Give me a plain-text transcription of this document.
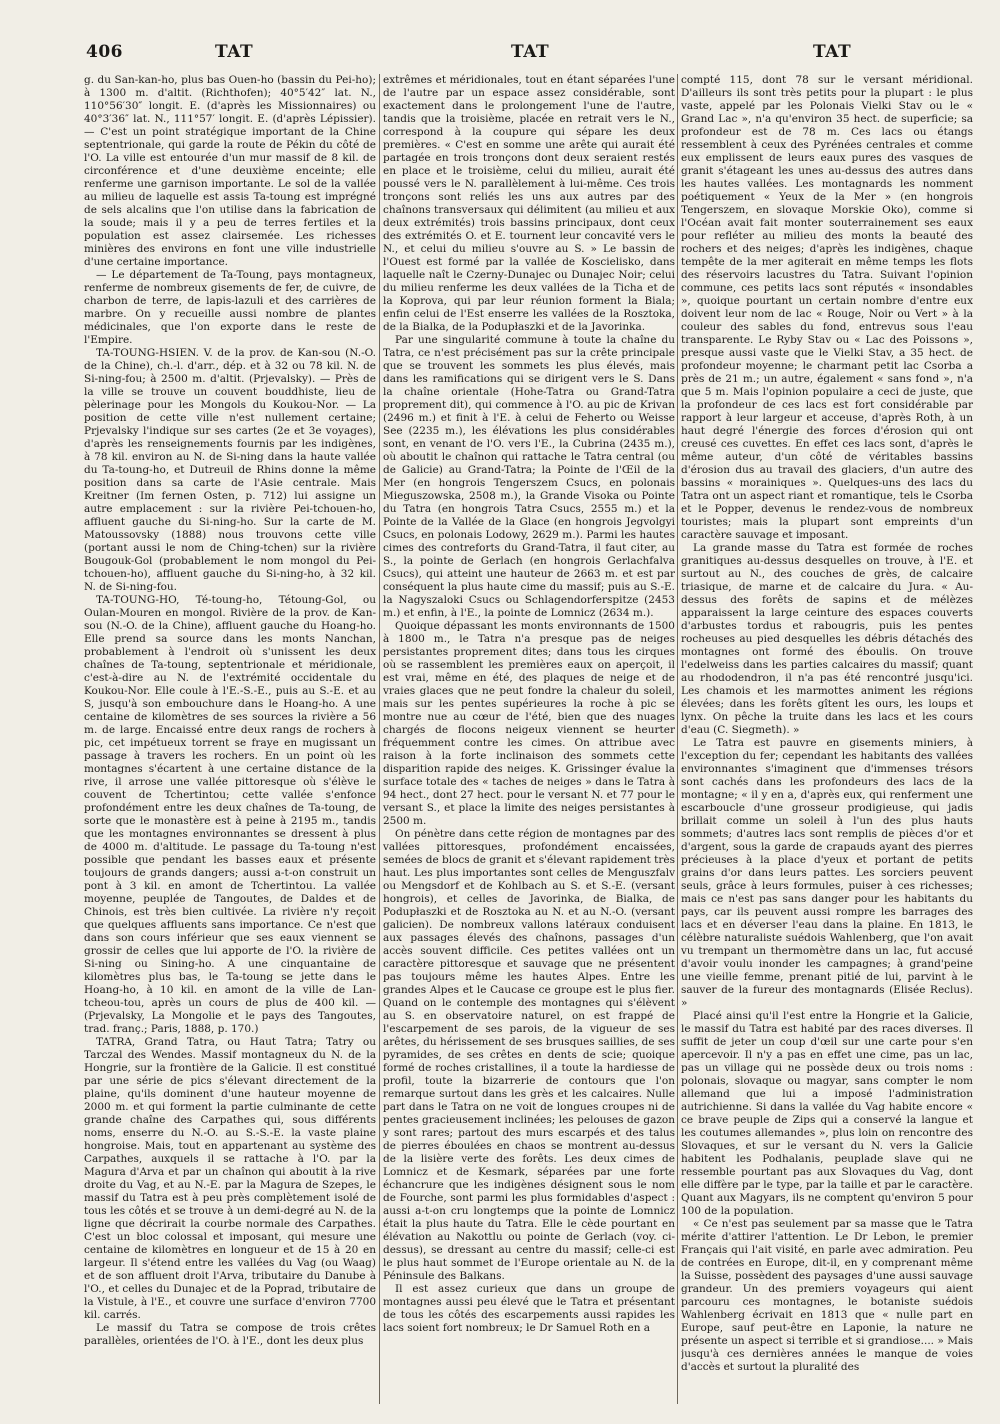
406	TAT	TAT	TAT

g. du San-kan-ho, plus bas Ouen-ho (bassin du Pei-ho); à 1300 m. d'altit. (Richthofen); 40°5′42″ lat. N., 110°56′30″ longit. E. (d'après les Missionnaires) ou 40°3′36″ lat. N., 111°57′ longit. E. (d'après Lépissier). — C'est un point stratégique important de la Chine septentrionale, qui garde la route de Pékin du côté de l'O. La ville est entourée d'un mur massif de 8 kil. de circonférence et d'une deuxième enceinte; elle renferme une garnison importante. Le sol de la vallée au milieu de laquelle est assis Ta-toung est imprégné de sels alcalins que l'on utilise dans la fabrication de la soude; mais il y a peu de terres fertiles et la population est assez clairsemée. Les richesses minières des environs en font une ville industrielle d'une certaine importance.

— Le département de Ta-Toung, pays montagneux, renferme de nombreux gisements de fer, de cuivre, de charbon de terre, de lapis-lazuli et des carrières de marbre. On y recueille aussi nombre de plantes médicinales, que l'on exporte dans le reste de l'Empire.

TA-TOUNG-HSIEN. V. de la prov. de Kan-sou (N.-O. de la Chine), ch.-l. d'arr., dép. et à 32 ou 78 kil. N. de Si-ning-fou; à 2500 m. d'altit. (Prjevalsky). — Près de la ville se trouve un couvent bouddhiste, lieu de pèlerinage pour les Mongols du Koukou-Nor. — La position de cette ville n'est nullement certaine; Prjevalsky l'indique sur ses cartes (2e et 3e voyages), d'après les renseignements fournis par les indigènes, à 78 kil. environ au N. de Si-ning dans la haute vallée du Ta-toung-ho, et Dutreuil de Rhins donne la même position dans sa carte de l'Asie centrale. Mais Kreitner (Im fernen Osten, p. 712) lui assigne un autre emplacement : sur la rivière Pei-tchouen-ho, affluent gauche du Si-ning-ho. Sur la carte de M. Matoussovsky (1888) nous trouvons cette ville (portant aussi le nom de Ching-tchen) sur la rivière Bougouk-Gol (probablement le nom mongol du Pei-tchouen-ho), affluent gauche du Si-ning-ho, à 32 kil. N. de Si-ning-fou.

TA-TOUNG-HO, Té-toung-ho, Tétoung-Gol, ou Oulan-Mouren en mongol. Rivière de la prov. de Kan-sou (N.-O. de la Chine), affluent gauche du Hoang-ho. Elle prend sa source dans les monts Nanchan, probablement à l'endroit où s'unissent les deux chaînes de Ta-toung, septentrionale et méridionale, c'est-à-dire au N. de l'extrémité occidentale du Koukou-Nor. Elle coule à l'E.-S.-E., puis au S.-E. et au S, jusqu'à son embouchure dans le Hoang-ho. A une centaine de kilomètres de ses sources la rivière a 56 m. de large. Encaissé entre deux rangs de rochers à pic, cet impétueux torrent se fraye en mugissant un passage à travers les rochers. En un point où les montagnes s'écartent à une certaine distance de la rive, il arrose une vallée pittoresque où s'élève le couvent de Tchertintou; cette vallée s'enfonce profondément entre les deux chaînes de Ta-toung, de sorte que le monastère est à peine à 2195 m., tandis que les montagnes environnantes se dressent à plus de 4000 m. d'altitude. Le passage du Ta-toung n'est possible que pendant les basses eaux et présente toujours de grands dangers; aussi a-t-on construit un pont à 3 kil. en amont de Tchertintou. La vallée moyenne, peuplée de Tangoutes, de Daldes et de Chinois, est très bien cultivée. La rivière n'y reçoit que quelques affluents sans importance. Ce n'est que dans son cours inférieur que ses eaux viennent se grossir de celles que lui apporte de l'O. la rivière de Si-ning ou Sining-ho. A une cinquantaine de kilomètres plus bas, le Ta-toung se jette dans le Hoang-ho, à 10 kil. en amont de la ville de Lan-tcheou-tou, après un cours de plus de 400 kil. — (Prjevalsky, La Mongolie et le pays des Tangoutes, trad. franç.; Paris, 1888, p. 170.)

TATRA, Grand Tatra, ou Haut Tatra; Tatry ou Tarczal des Wendes. Massif montagneux du N. de la Hongrie, sur la frontière de la Galicie. Il est constitué par une série de pics s'élevant directement de la plaine, qu'ils dominent d'une hauteur moyenne de 2000 m. et qui forment la partie culminante de cette grande chaîne des Carpathes qui, sous différents noms, enserre du N.-O. au S.-S.-E. la vaste plaine hongroise. Mais, tout en appartenant au système des Carpathes, auxquels il se rattache à l'O. par la Magura d'Arva et par un chaînon qui aboutit à la rive droite du Vag, et au N.-E. par la Magura de Szepes, le massif du Tatra est à peu près complètement isolé de tous les côtés et se trouve à un demi-degré au N. de la ligne que décrirait la courbe normale des Carpathes. C'est un bloc colossal et imposant, qui mesure une centaine de kilomètres en longueur et de 15 à 20 en largeur. Il s'étend entre les vallées du Vag (ou Waag) et de son affluent droit l'Arva, tributaire du Danube à l'O., et celles du Dunajec et de la Poprad, tributaire de la Vistule, à l'E., et couvre une surface d'environ 7700 kil. carrés.

Le massif du Tatra se compose de trois crêtes parallèles, orientées de l'O. à l'E., dont les deux plus

extrêmes et méridionales, tout en étant séparées l'une de l'autre par un espace assez considérable, sont exactement dans le prolongement l'une de l'autre, tandis que la troisième, placée en retrait vers le N., correspond à la coupure qui sépare les deux premières. « C'est en somme une arête qui aurait été partagée en trois tronçons dont deux seraient restés en place et le troisième, celui du milieu, aurait été poussé vers le N. parallèlement à lui-même. Ces trois tronçons sont reliés les uns aux autres par des chaînons transversaux qui délimitent (au milieu et aux deux extrémités) trois bassins principaux, dont ceux des extrémités O. et E. tournent leur concavité vers le N., et celui du milieu s'ouvre au S. » Le bassin de l'Ouest est formé par la vallée de Koscielisko, dans laquelle naît le Czerny-Dunajec ou Dunajec Noir; celui du milieu renferme les deux vallées de la Ticha et de la Koprova, qui par leur réunion forment la Biala; enfin celui de l'Est enserre les vallées de la Rosztoka, de la Bialka, de la Podupłaszki et de la Javorinka.

Par une singularité commune à toute la chaîne du Tatra, ce n'est précisément pas sur la crête principale que se trouvent les sommets les plus élevés, mais dans les ramifications qui se dirigent vers le S. Dans la chaîne orientale (Hohe-Tatra ou Grand-Tatra proprement dit), qui commence à l'O. au pic de Krivan (2496 m.) et finit à l'E. à celui de Feherto ou Weisse See (2235 m.), les élévations les plus considérables sont, en venant de l'O. vers l'E., la Cubrina (2435 m.), où aboutit le chaînon qui rattache le Tatra central (ou de Galicie) au Grand-Tatra; la Pointe de l'Œil de la Mer (en hongrois Tengerszem Csucs, en polonais Mieguszowska, 2508 m.), la Grande Visoka ou Pointe du Tatra (en hongrois Tatra Csucs, 2555 m.) et la Pointe de la Vallée de la Glace (en hongrois Jegvolgyi Csucs, en polonais Lodowy, 2629 m.). Parmi les hautes cimes des contreforts du Grand-Tatra, il faut citer, au S., la pointe de Gerlach (en hongrois Gerlachfalva Csucs), qui atteint une hauteur de 2663 m. et est par conséquent la plus haute cime du massif; puis au S.-E. la Nagyszaloki Csucs ou Schlagendorferspitze (2453 m.) et enfin, à l'E., la pointe de Lomnicz (2634 m.).

Quoique dépassant les monts environnants de 1500 à 1800 m., le Tatra n'a presque pas de neiges persistantes proprement dites; dans tous les cirques où se rassemblent les premières eaux on aperçoit, il est vrai, même en été, des plaques de neige et de vraies glaces que ne peut fondre la chaleur du soleil, mais sur les pentes supérieures la roche à pic se montre nue au cœur de l'été, bien que des nuages chargés de flocons neigeux viennent se heurter fréquemment contre les cimes. On attribue avec raison à la forte inclinaison des sommets cette disparition rapide des neiges. K. Grissinger évalue la surface totale des « taches de neiges » dans le Tatra à 94 hect., dont 27 hect. pour le versant N. et 77 pour le versant S., et place la limite des neiges persistantes à 2500 m.

On pénètre dans cette région de montagnes par des vallées pittoresques, profondément encaissées, semées de blocs de granit et s'élevant rapidement très haut. Les plus importantes sont celles de Menguszfalv ou Mengsdorf et de Kohlbach au S. et S.-E. (versant hongrois), et celles de Javorinka, de Bialka, de Podupłaszki et de Rosztoka au N. et au N.-O. (versant galicien). De nombreux vallons latéraux conduisent aux passages élevés des chaînons, passages d'un accès souvent difficile. Ces petites vallées ont un caractère pittoresque et sauvage que ne présentent pas toujours même les hautes Alpes. Entre les grandes Alpes et le Caucase ce groupe est le plus fier. Quand on le contemple des montagnes qui s'élèvent au S. en observatoire naturel, on est frappé de l'escarpement de ses parois, de la vigueur de ses arêtes, du hérissement de ses brusques saillies, de ses pyramides, de ses crêtes en dents de scie; quoique formé de roches cristallines, il a toute la hardiesse de profil, toute la bizarrerie de contours que l'on remarque surtout dans les grès et les calcaires. Nulle part dans le Tatra on ne voit de longues croupes ni de pentes gracieusement inclinées; les pelouses de gazon y sont rares; partout des murs escarpés et des talus de pierres éboulées en chaos se montrent au-dessus de la lisière verte des forêts. Les deux cimes de Lomnicz et de Kesmark, séparées par une forte échancrure que les indigènes désignent sous le nom de Fourche, sont parmi les plus formidables d'aspect : aussi a-t-on cru longtemps que la pointe de Lomnicz était la plus haute du Tatra. Elle le cède pourtant en élévation au Nakottlu ou pointe de Gerlach (voy. ci-dessus), se dressant au centre du massif; celle-ci est le plus haut sommet de l'Europe orientale au N. de la Péninsule des Balkans.

Il est assez curieux que dans un groupe de montagnes aussi peu élevé que le Tatra et présentant de tous les côtés des escarpements aussi rapides les lacs soient fort nombreux; le Dr Samuel Roth en a

compté 115, dont 78 sur le versant méridional. D'ailleurs ils sont très petits pour la plupart : le plus vaste, appelé par les Polonais Vielki Stav ou le « Grand Lac », n'a qu'environ 35 hect. de superficie; sa profondeur est de 78 m. Ces lacs ou étangs ressemblent à ceux des Pyrénées centrales et comme eux emplissent de leurs eaux pures des vasques de granit s'étageant les unes au-dessus des autres dans les hautes vallées. Les montagnards les nomment poétiquement « Yeux de la Mer » (en hongrois Tengerszem, en slovaque Morskie Oko), comme si l'Océan avait fait monter souterrainement ses eaux pour refléter au milieu des monts la beauté des rochers et des neiges; d'après les indigènes, chaque tempête de la mer agiterait en même temps les flots des réservoirs lacustres du Tatra. Suivant l'opinion commune, ces petits lacs sont réputés « insondables », quoique pourtant un certain nombre d'entre eux doivent leur nom de lac « Rouge, Noir ou Vert » à la couleur des sables du fond, entrevus sous l'eau transparente. Le Ryby Stav ou « Lac des Poissons », presque aussi vaste que le Vielki Stav, a 35 hect. de profondeur moyenne; le charmant petit lac Csorba a près de 21 m.; un autre, également « sans fond », n'a que 5 m. Mais l'opinion populaire a ceci de juste, que la profondeur de ces lacs est fort considérable par rapport à leur largeur et acceuse, d'après Roth, à un haut degré l'énergie des forces d'érosion qui ont creusé ces cuvettes. En effet ces lacs sont, d'après le même auteur, d'un côté de véritables bassins d'érosion dus au travail des glaciers, d'un autre des bassins « morainiques ». Quelques-uns des lacs du Tatra ont un aspect riant et romantique, tels le Csorba et le Popper, devenus le rendez-vous de nombreux touristes; mais la plupart sont empreints d'un caractère sauvage et imposant.

La grande masse du Tatra est formée de roches granitiques au-dessus desquelles on trouve, à l'E. et surtout au N., des couches de grès, de calcaire triasique, de marne et de calcaire du Jura. « Au-dessus des forêts de sapins et de mélèzes apparaissent la large ceinture des espaces couverts d'arbustes tordus et rabougris, puis les pentes rocheuses au pied desquelles les débris détachés des montagnes ont formé des éboulis. On trouve l'edelweiss dans les parties calcaires du massif; quant au rhododendron, il n'a pas été rencontré jusqu'ici. Les chamois et les marmottes animent les régions élevées; dans les forêts gîtent les ours, les loups et lynx. On pêche la truite dans les lacs et les cours d'eau (C. Siegmeth). »

Le Tatra est pauvre en gisements miniers, à l'exception du fer; cependant les habitants des vallées environnantes s'imaginent que d'immenses trésors sont cachés dans les profondeurs des lacs de la montagne; « il y en a, d'après eux, qui renferment une escarboucle d'une grosseur prodigieuse, qui jadis brillait comme un soleil à l'un des plus hauts sommets; d'autres lacs sont remplis de pièces d'or et d'argent, sous la garde de crapauds ayant des pierres précieuses à la place d'yeux et portant de petits grains d'or dans leurs pattes. Les sorciers peuvent seuls, grâce à leurs formules, puiser à ces richesses; mais ce n'est pas sans danger pour les habitants du pays, car ils peuvent aussi rompre les barrages des lacs et en déverser l'eau dans la plaine. En 1813, le célèbre naturaliste suédois Wahlenberg, que l'on avait vu trempant un thermomètre dans un lac, fut accusé d'avoir voulu inonder les campagnes; à grand'peine une vieille femme, prenant pitié de lui, parvint à le sauver de la fureur des montagnards (Elisée Reclus). »

Placé ainsi qu'il l'est entre la Hongrie et la Galicie, le massif du Tatra est habité par des races diverses. Il suffit de jeter un coup d'œil sur une carte pour s'en apercevoir. Il n'y a pas en effet une cime, pas un lac, pas un village qui ne possède deux ou trois noms : polonais, slovaque ou magyar, sans compter le nom allemand que lui a imposé l'administration autrichienne. Si dans la vallée du Vag habite encore « ce brave peuple de Zips qui a conservé la langue et les coutumes allemandes », plus loin on rencontre des Slovaques, et sur le versant du N. vers la Galicie habitent les Podhalanis, peuplade slave qui ne ressemble pourtant pas aux Slovaques du Vag, dont elle diffère par le type, par la taille et par le caractère. Quant aux Magyars, ils ne comptent qu'environ 5 pour 100 de la population.

« Ce n'est pas seulement par sa masse que le Tatra mérite d'attirer l'attention. Le Dr Lebon, le premier Français qui l'ait visité, en parle avec admiration. Peu de contrées en Europe, dit-il, en y comprenant même la Suisse, possèdent des paysages d'une aussi sauvage grandeur. Un des premiers voyageurs qui aient parcouru ces montagnes, le botaniste suédois Wahlenberg écrivait en 1813 que « nulle part en Europe, sauf peut-être en Laponie, la nature ne présente un aspect si terrible et si grandiose.... » Mais jusqu'à ces dernières années le manque de voies d'accès et surtout la pluralité des
